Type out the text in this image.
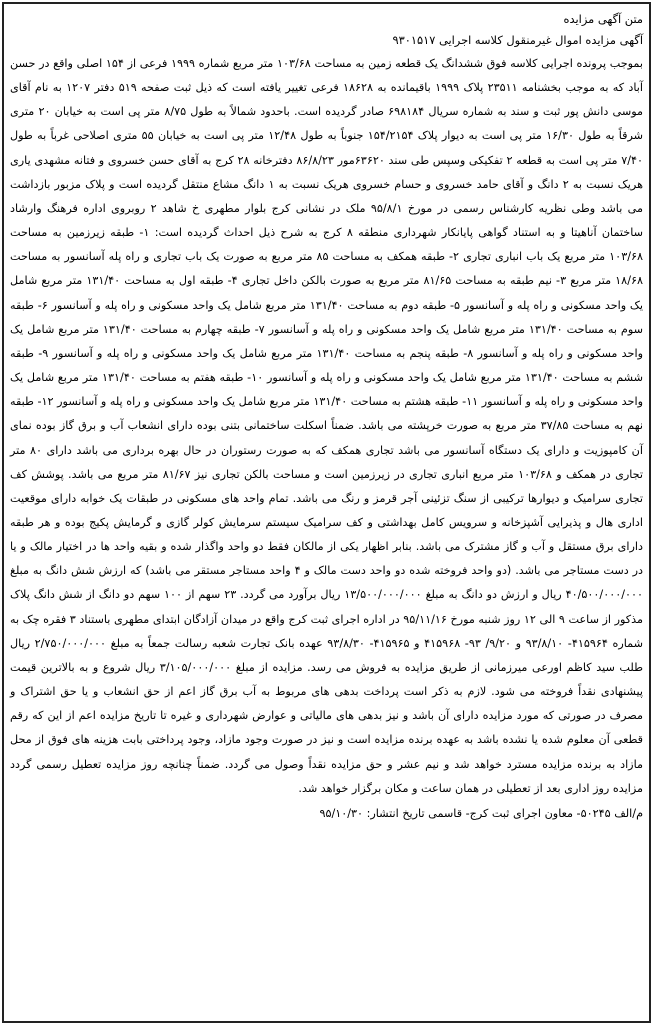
متن آگهی مزایده
آگهی مزایده اموال غیرمنقول کلاسه اجرایی ۹۳۰۱۵۱۷

بموجب پرونده اجرایی کلاسه فوق ششدانگ یک قطعه زمین به مساحت ۱۰۳/۶۸ متر مربع شماره ۱۹۹۹ فرعی از ۱۵۴ اصلی واقع در حسن آباد که به موجب بخشنامه ۲۳۵۱۱ پلاک ۱۹۹۹ باقیمانده به ۱۸۶۲۸ فرعی تغییر یافته است که ذیل ثبت صفحه ۵۱۹ دفتر ۱۲۰۷ به نام آقای موسی دانش پور ثبت و سند به شماره سریال ۶۹۸۱۸۴ صادر گردیده است. باحدود شمالاً به طول ۸/۷۵ متر پی است به خیابان ۲۰ متری شرقاً به طول ۱۶/۳۰ متر پی است به دیوار پلاک ۱۵۴/۲۱۵۴ جنوباً به طول ۱۲/۴۸ متر پی است به خیابان ۵۵ متری اصلاحی غرباً به طول ۷/۴۰ متر پی است به قطعه ۲ تفکیکی وسپس طی سند ۶۳۶۲۰مور ۸۶/۸/۲۳ دفترخانه ۲۸ کرج به آقای حسن خسروی و فتانه مشهدی یاری هریک نسبت به ۲ دانگ و آقای حامد خسروی و حسام خسروی هریک نسبت به ۱ دانگ مشاع منتقل گردیده است و پلاک مزبور بازداشت می باشد وطی نظریه کارشناس رسمی در مورخ ۹۵/۸/۱ ملک در نشانی کرج بلوار مطهری خ شاهد ۲ روبروی اداره فرهنگ وارشاد ساختمان آناهیتا و به استناد گواهی پایانکار شهرداری منطقه ۸ کرج به شرح ذیل احداث گردیده است: ۱- طبقه زیرزمین به مساحت ۱۰۳/۶۸ متر مربع یک باب انباری تجاری ۲- طبقه همکف به مساحت ۸۵ متر مربع به صورت یک باب تجاری و راه پله آسانسور به مساحت ۱۸/۶۸ متر مربع ۳- نیم طبقه به مساحت ۸۱/۶۵ متر مربع به صورت بالکن داخل تجاری ۴- طبقه اول به مساحت ۱۳۱/۴۰ متر مربع شامل یک واحد مسکونی و راه پله و آسانسور ۵- طبقه دوم به مساحت ۱۳۱/۴۰ متر مربع شامل یک واحد مسکونی و راه پله و آسانسور ۶- طبقه سوم به مساحت ۱۳۱/۴۰ متر مربع شامل یک واحد مسکونی و راه پله و آسانسور ۷- طبقه چهارم به مساحت ۱۳۱/۴۰ متر مربع شامل یک واحد مسکونی و راه پله و آسانسور ۸- طبقه پنجم به مساحت ۱۳۱/۴۰ متر مربع شامل یک واحد مسکونی و راه پله و آسانسور ۹- طبقه ششم به مساحت ۱۳۱/۴۰ متر مربع شامل یک واحد مسکونی و راه پله و آسانسور ۱۰- طبقه هفتم به مساحت ۱۳۱/۴۰ متر مربع شامل یک واحد مسکونی و راه پله و آسانسور ۱۱- طبقه هشتم به مساحت ۱۳۱/۴۰ متر مربع شامل یک واحد مسکونی و راه پله و آسانسور ۱۲- طبقه نهم به مساحت ۳۷/۸۵ متر مربع به صورت خرپشته می باشد. ضمناً اسکلت ساختمانی بتنی بوده دارای انشعاب آب و برق گاز بوده نمای آن کامپوزیت و دارای یک دستگاه آسانسور می باشد تجاری همکف که به صورت رستوران در حال بهره برداری می باشد دارای ۸۰ متر تجاری در همکف و ۱۰۳/۶۸ متر مربع انباری تجاری در زیرزمین است و مساحت بالکن تجاری نیز ۸۱/۶۷ متر مربع می باشد. پوشش کف تجاری سرامیک و دیوارها ترکیبی از سنگ تزئینی آجر قرمز و رنگ می باشد. تمام واحد های مسکونی در طبقات یک خوابه دارای موقعیت اداری هال و پذیرایی آشپزخانه و سرویس کامل بهداشتی و کف سرامیک سیستم سرمایش کولر گازی و گرمایش پکیج بوده و هر طبقه دارای برق مستقل و آب و گاز مشترک می باشد. بنابر اظهار یکی از مالکان فقط دو واحد واگذار شده و بقیه واحد ها در اختیار مالک و یا در دست مستاجر می باشد. (دو واحد فروخته شده دو واحد دست مالک و ۴ واحد مستاجر مستقر می باشد) که ارزش شش دانگ به مبلغ ۴۰/۵۰۰/۰۰۰/۰۰۰ ریال و ارزش دو دانگ به مبلغ ۱۳/۵۰۰/۰۰۰/۰۰۰ ریال برآورد می گردد. ۲۳ سهم از ۱۰۰ سهم دو دانگ از شش دانگ پلاک مذکور از ساعت ۹ الی ۱۲ روز شنبه مورخ ۹۵/۱۱/۱۶ در اداره اجرای ثبت کرج واقع در میدان آزادگان ابتدای مطهری باستناد ۳ فقره چک به شماره ۴۱۵۹۶۴- ۹۳/۸/۱۰ و ۹/۲۰/ ۹۳- ۴۱۵۹۶۸ و ۴۱۵۹۶۵- ۹۳/۸/۳۰ عهده بانک تجارت شعبه رسالت جمعاً به مبلغ ۲/۷۵۰/۰۰۰/۰۰۰ ریال طلب سید کاظم اورعی میرزمانی از طریق مزایده به فروش می رسد. مزایده از مبلغ ۳/۱۰۵/۰۰۰/۰۰۰ ریال شروع و به بالاترین قیمت پیشنهادی نقداً فروخته می شود. لازم به ذکر است پرداخت بدهی های مربوط به آب برق گاز اعم از حق انشعاب و یا حق اشتراک و مصرف در صورتی که مورد مزایده دارای آن باشد و نیز بدهی های مالیاتی و عوارض شهرداری و غیره تا تاریخ مزایده اعم از این که رقم قطعی آن معلوم شده یا نشده باشد به عهده برنده مزایده است و نیز در صورت وجود مازاد، وجود پرداختی بابت هزینه های فوق از محل مازاد به برنده مزایده مسترد خواهد شد و نیم عشر و حق مزایده نقداً وصول می گردد. ضمناً چنانچه روز مزایده تعطیل رسمی گردد مزایده روز اداری بعد از تعطیلی در همان ساعت و مکان برگزار خواهد شد.

م/الف ۵۰۲۴۵- معاون اجرای ثبت کرج- قاسمی تاریخ انتشار: ۹۵/۱۰/۳۰
